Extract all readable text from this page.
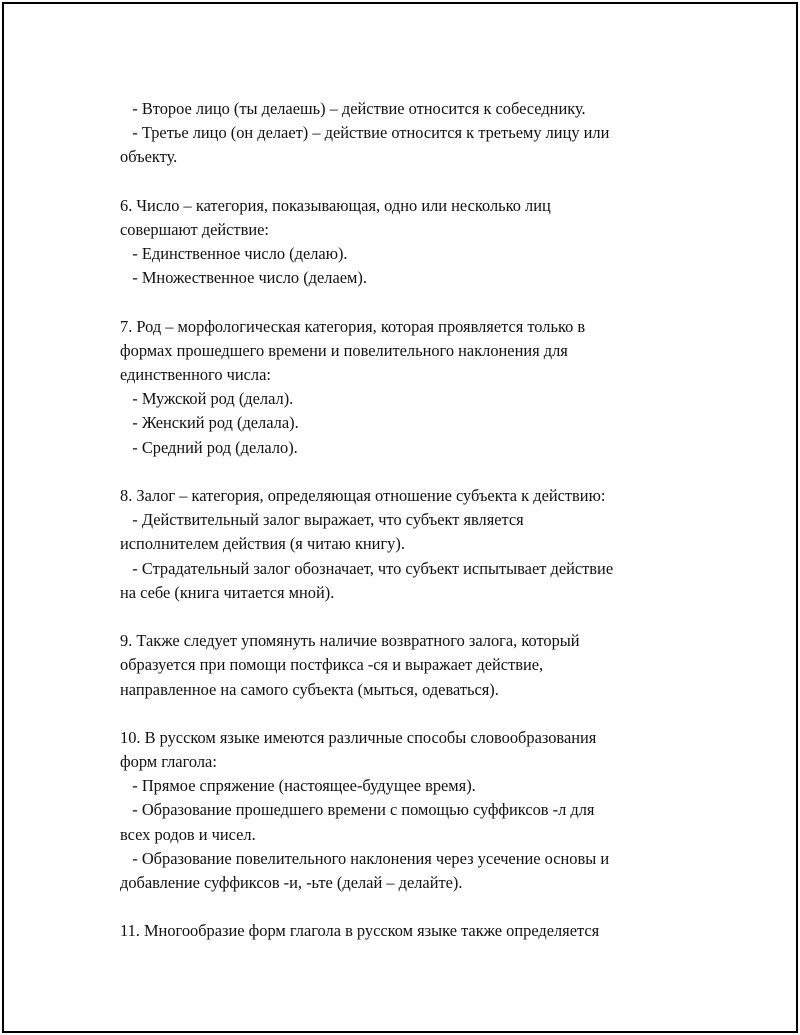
- Второе лицо (ты делаешь) – действие относится к собеседнику.
- Третье лицо (он делает) – действие относится к третьему лицу или
объекту.
6. Число – категория, показывающая, одно или несколько лиц
совершают действие:
- Единственное число (делаю).
- Множественное число (делаем).
7. Род – морфологическая категория, которая проявляется только в
формах прошедшего времени и повелительного наклонения для
единственного числа:
- Мужской род (делал).
- Женский род (делала).
- Средний род (делало).
8. Залог – категория, определяющая отношение субъекта к действию:
- Действительный залог выражает, что субъект является
исполнителем действия (я читаю книгу).
- Страдательный залог обозначает, что субъект испытывает действие
на себе (книга читается мной).
9. Также следует упомянуть наличие возвратного залога, который
образуется при помощи постфикса -ся и выражает действие,
направленное на самого субъекта (мыться, одеваться).
10. В русском языке имеются различные способы словообразования
форм глагола:
- Прямое спряжение (настоящее-будущее время).
- Образование прошедшего времени с помощью суффиксов -л для
всех родов и чисел.
- Образование повелительного наклонения через усечение основы и
добавление суффиксов -и, -ьте (делай – делайте).
11. Многообразие форм глагола в русском языке также определяется
